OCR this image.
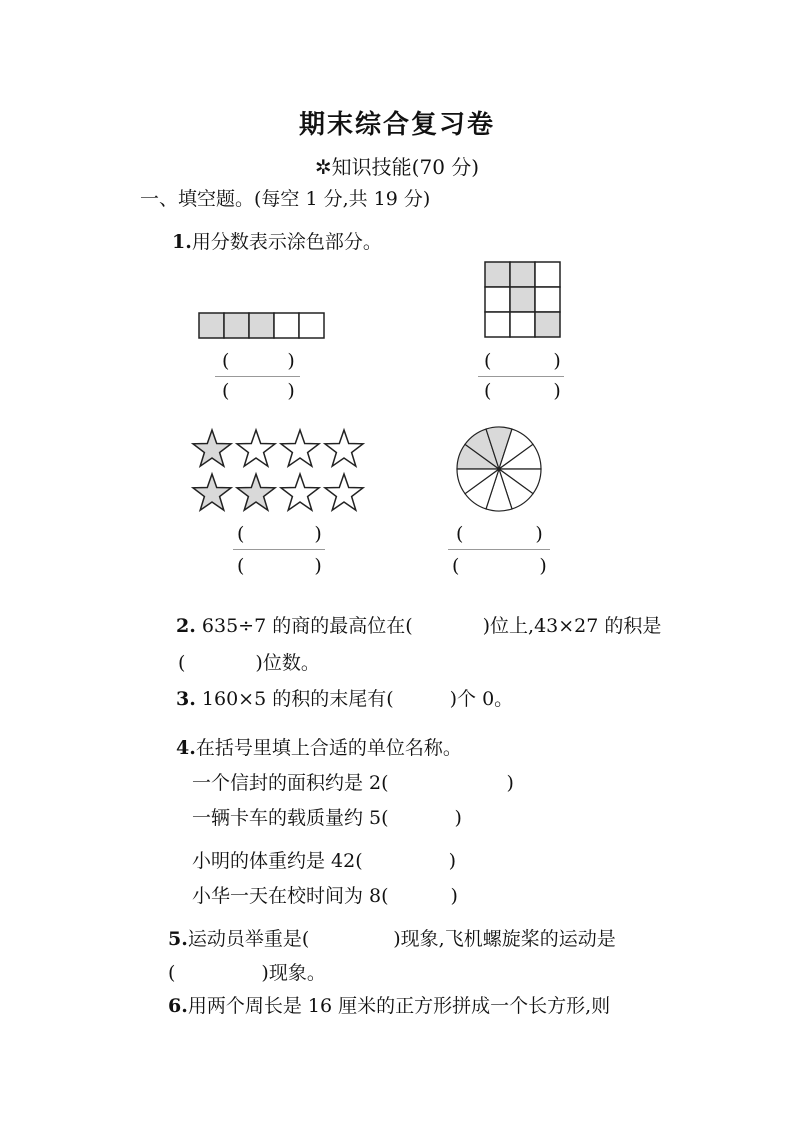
期末综合复习卷
✲知识技能(70 分)
一、填空题。(每空 1 分,共 19 分)
1.用分数表示涂色部分。
(	)
(	)
(	)
(	)
(	)
(	)
(	)
(	)
2. 635÷7 的商的最高位在(	)位上,43×27 的积是
(	)位数。
3. 160×5 的积的末尾有(	)个 0。
4.在括号里填上合适的单位名称。
一个信封的面积约是 2(	)
一辆卡车的载质量约 5(	)
小明的体重约是 42(	)
小华一天在校时间为 8(	)
5.运动员举重是(	)现象,飞机螺旋桨的运动是
(	)现象。
6.用两个周长是 16 厘米的正方形拼成一个长方形,则
